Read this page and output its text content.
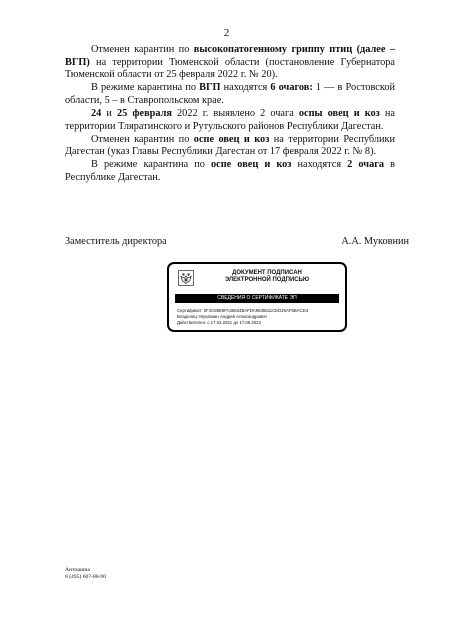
2

Отменен карантин по высокопатогенному гриппу птиц (далее – ВГП) на территории Тюменской области (постановление Губернатора Тюменской области от 25 февраля 2022 г. № 20).

В режиме карантина по ВГП находятся 6 очагов: 1 — в Ростовской области, 5 – в Ставропольском крае.

24 и 25 февраля 2022 г. выявлено 2 очага оспы овец и коз на территории Тляратинского и Рутульского районов Республики Дагестан.

Отменен карантин по оспе овец и коз на территории Республики Дагестан (указ Главы Республики Дагестан от 17 февраля 2022 г. № 8).

В режиме карантина по оспе овец и коз находятся 2 очага в Республике Дагестан.

Заместитель директора	А.А. Муковнин
ДОКУМЕНТ ПОДПИСАН
ЭЛЕКТРОННОЙ ПОДПИСЬЮ
СВЕДЕНИЯ О СЕРТИФИКАТЕ ЭП
Сертификат: 0F4C89E9FA36534BAFDA9635511CED26AF6BACD4
Владелец: Муковнин Андрей Александрович
Действителен: с 17.03.2021 до 17.06.2022
Антошина
8 (495) 607-80-90
